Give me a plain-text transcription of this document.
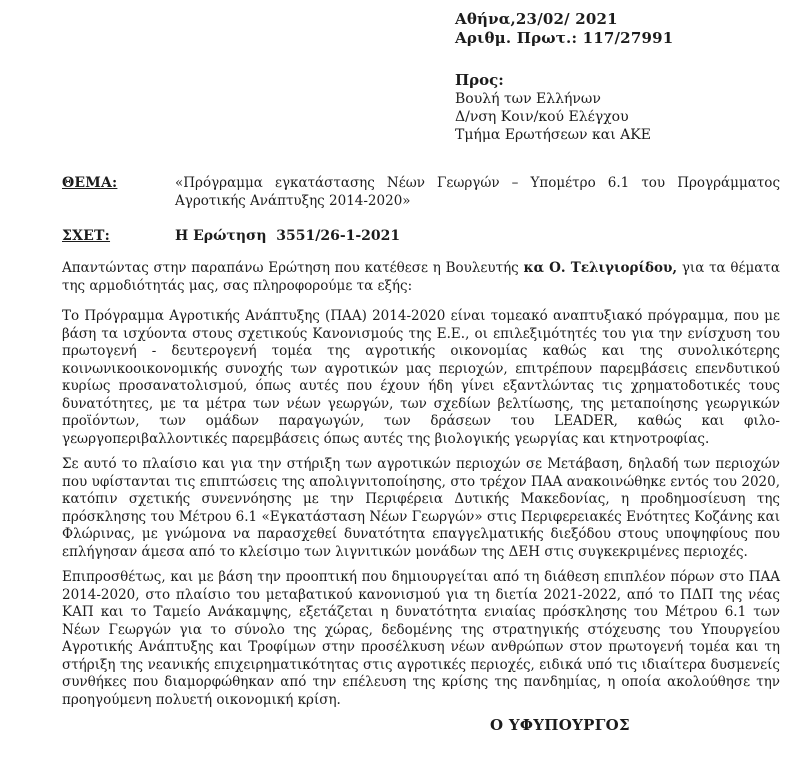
Αθήνα,23/02/ 2021
Αριθμ. Πρωτ.: 117/27991
Προς:
Βουλή των Ελλήνων
Δ/νση Κοιν/κού Ελέγχου
Τμήμα Ερωτήσεων και ΑΚΕ
ΘΕΜΑ:	«Πρόγραμμα εγκατάστασης Νέων Γεωργών – Υπομέτρο 6.1 του Προγράμματος Αγροτικής Ανάπτυξης 2014-2020»
ΣΧΕΤ:	Η Ερώτηση  3551/26-1-2021

Απαντώντας στην παραπάνω Ερώτηση που κατέθεσε η Βουλευτής κα Ο. Τελιγιορίδου, για τα θέματα της αρμοδιότητάς μας, σας πληροφορούμε τα εξής:

Το Πρόγραμμα Αγροτικής Ανάπτυξης (ΠΑΑ) 2014-2020 είναι τομεακό αναπτυξιακό πρόγραμμα, που με βάση τα ισχύοντα στους σχετικούς Κανονισμούς της Ε.Ε., οι επιλεξιμότητές του για την ενίσχυση του πρωτογενή - δευτερογενή τομέα της αγροτικής οικονομίας καθώς και της συνολικότερης κοινωνικοοικονομικής συνοχής των αγροτικών μας περιοχών, επιτρέπουν παρεμβάσεις επενδυτικού κυρίως προσανατολισμού, όπως αυτές που έχουν ήδη γίνει εξαντλώντας τις χρηματοδοτικές τους δυνατότητες, με τα μέτρα των νέων γεωργών, των σχεδίων βελτίωσης, της μεταποίησης γεωργικών προϊόντων, των ομάδων παραγωγών, των δράσεων του LEADER, καθώς και φιλο-γεωργοπεριβαλλοντικές παρεμβάσεις όπως αυτές της βιολογικής γεωργίας και κτηνοτροφίας.

Σε αυτό το πλαίσιο και για την στήριξη των αγροτικών περιοχών σε Μετάβαση, δηλαδή των περιοχών που υφίστανται τις επιπτώσεις της απολιγνιτοποίησης, στο τρέχον ΠΑΑ ανακοινώθηκε εντός του 2020, κατόπιν σχετικής συνεννόησης με την Περιφέρεια Δυτικής Μακεδονίας, η προδημοσίευση της πρόσκλησης του Μέτρου 6.1 «Εγκατάσταση Νέων Γεωργών» στις Περιφερειακές Ενότητες Κοζάνης και Φλώρινας, με γνώμονα να παρασχεθεί δυνατότητα επαγγελματικής διεξόδου στους υποψηφίους που επλήγησαν άμεσα από το κλείσιμο των λιγνιτικών μονάδων της ΔΕΗ στις συγκεκριμένες περιοχές.

Επιπροσθέτως, και με βάση την προοπτική που δημιουργείται από τη διάθεση επιπλέον πόρων στο ΠΑΑ 2014-2020, στο πλαίσιο του μεταβατικού κανονισμού για τη διετία 2021-2022, από το ΠΔΠ της νέας ΚΑΠ και το Ταμείο Ανάκαμψης, εξετάζεται η δυνατότητα ενιαίας πρόσκλησης του Μέτρου 6.1 των Νέων Γεωργών για το σύνολο της χώρας, δεδομένης της στρατηγικής στόχευσης του Υπουργείου Αγροτικής Ανάπτυξης και Τροφίμων στην προσέλκυση νέων ανθρώπων στον πρωτογενή τομέα και τη στήριξη της νεανικής επιχειρηματικότητας στις αγροτικές περιοχές, ειδικά υπό τις ιδιαίτερα δυσμενείς συνθήκες που διαμορφώθηκαν από την επέλευση της κρίσης της πανδημίας, η οποία ακολούθησε την προηγούμενη πολυετή οικονομική κρίση.

Ο ΥΦΥΠΟΥΡΓΟΣ
